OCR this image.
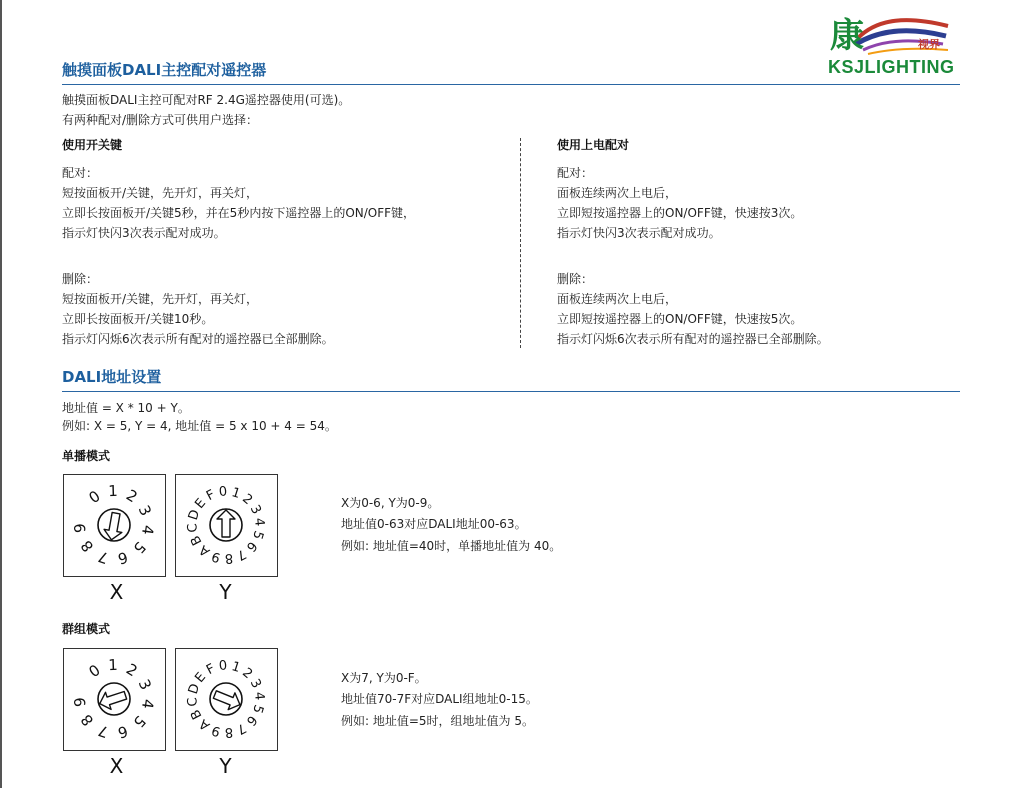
康	视界
KSJLIGHTING
触摸面板DALI主控配对遥控器
触摸面板DALI主控可配对RF 2.4G遥控器使用(可选)。
有两种配对/删除方式可供用户选择：
使用开关键
配对：
短按面板开/关键，先开灯，再关灯，
立即长按面板开/关键5秒，并在5秒内按下遥控器上的ON/OFF键，
指示灯快闪3次表示配对成功。
删除：
短按面板开/关键，先开灯，再关灯，
立即长按面板开/关键10秒。
指示灯闪烁6次表示所有配对的遥控器已全部删除。
使用上电配对
配对：
面板连续两次上电后，
立即短按遥控器上的ON/OFF键，快速按3次。
指示灯快闪3次表示配对成功。
删除：
面板连续两次上电后，
立即短按遥控器上的ON/OFF键，快速按5次。
指示灯闪烁6次表示所有配对的遥控器已全部删除。
DALI地址设置
地址值 = X * 10 + Y。
例如: X = 5, Y = 4, 地址值 = 5 x 10 + 4 = 54。
单播模式
0 1 2
3
4
5
6
7
8
9
0 1
2
3
4
5
6
7
8
9
A
B
C
D
E
F
X	Y
X为0-6, Y为0-9。
地址值0-63对应DALI地址00-63。
例如: 地址值=40时，单播地址值为 40。
群组模式
0 1 2
3
4
5
6
7
8
9
0 1
2
3
4
5
6
7
8
9
A
B
C
D
E
F
X	Y
X为7, Y为0-F。
地址值70-7F对应DALI组地址0-15。
例如: 地址值=5时，组地址值为 5。
